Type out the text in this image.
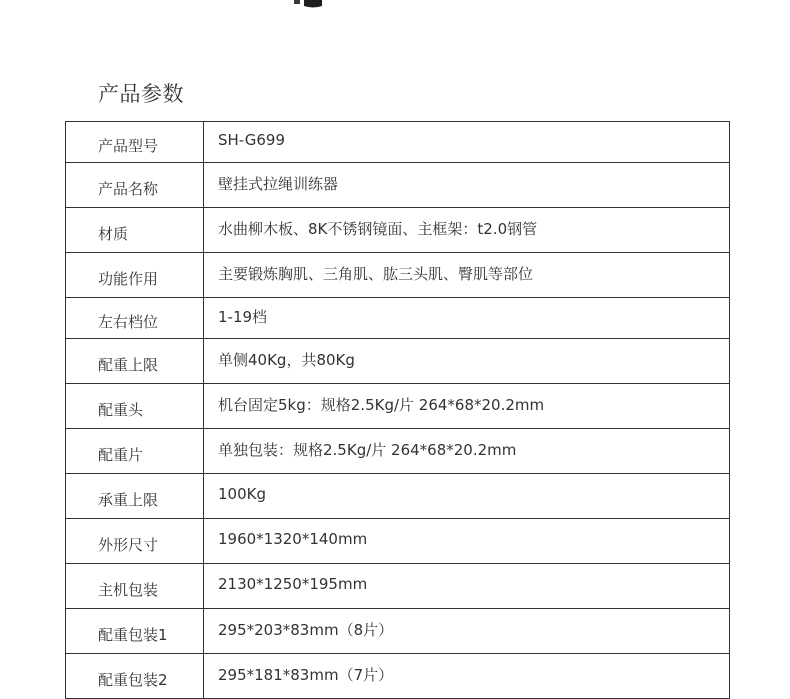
产品参数
产品型号	SH-G699
产品名称	壁挂式拉绳训练器
材质	水曲柳木板、8K不锈钢镜面、主框架：t2.0钢管
功能作用	主要锻炼胸肌、三角肌、肱三头肌、臀肌等部位
左右档位	1-19档
配重上限	单侧40Kg，共80Kg
配重头	机台固定5kg：规格2.5Kg/片 264*68*20.2mm
配重片	单独包装：规格2.5Kg/片 264*68*20.2mm
承重上限	100Kg
外形尺寸	1960*1320*140mm
主机包装	2130*1250*195mm
配重包装1	295*203*83mm（8片）
配重包装2	295*181*83mm（7片）
